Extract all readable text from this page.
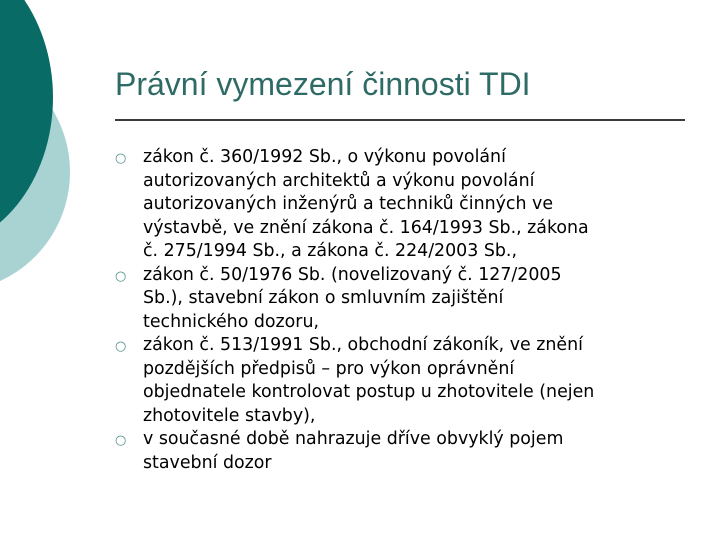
Právní vymezení činnosti TDI
○ zákon č. 360/1992 Sb., o výkonu povolání
autorizovaných architektů a výkonu povolání
autorizovaných inženýrů a techniků činných ve
výstavbě, ve znění zákona č. 164/1993 Sb., zákona
č. 275/1994 Sb., a zákona č. 224/2003 Sb.,
○ zákon č. 50/1976 Sb. (novelizovaný č. 127/2005
Sb.), stavební zákon o smluvním zajištění
technického dozoru,
○ zákon č. 513/1991 Sb., obchodní zákoník, ve znění
pozdějších předpisů – pro výkon oprávnění
objednatele kontrolovat postup u zhotovitele (nejen
zhotovitele stavby),
○ v současné době nahrazuje dříve obvyklý pojem
stavební dozor
